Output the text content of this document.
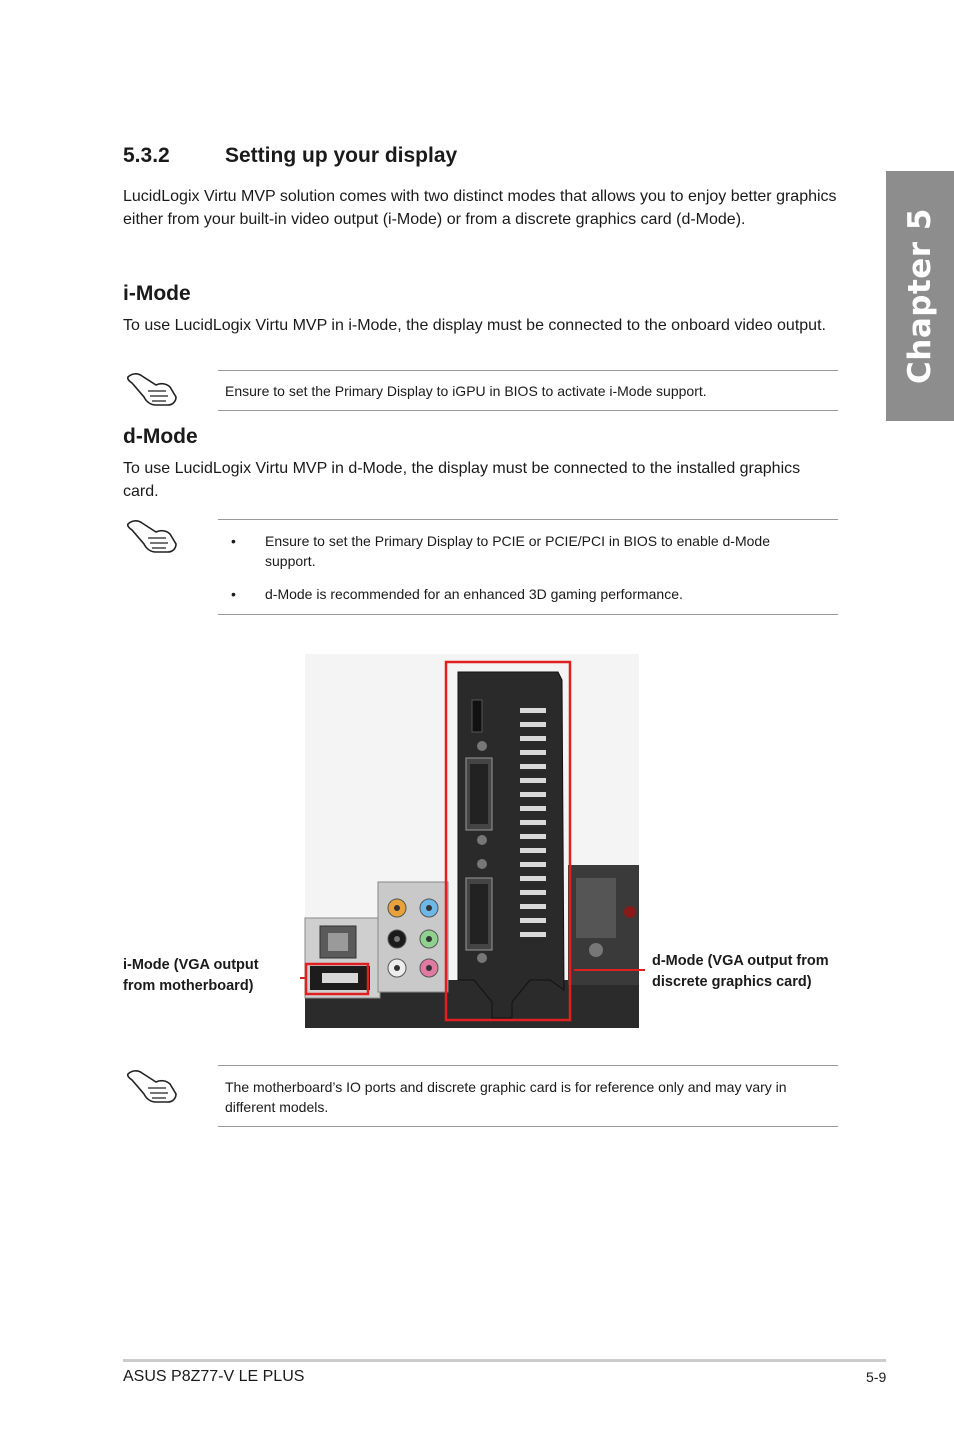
5.3.2	Setting up your display
LucidLogix Virtu MVP solution comes with two distinct modes that allows you to enjoy better graphics either from your built-in video output (i-Mode) or from a discrete graphics card (d-Mode).
i-Mode
To use LucidLogix Virtu MVP in i-Mode, the display must be connected to the onboard video output.
Ensure to set the Primary Display to iGPU in BIOS to activate i-Mode support.
d-Mode
To use LucidLogix Virtu MVP in d-Mode, the display must be connected to the installed graphics card.
• Ensure to set the Primary Display to PCIE or PCIE/PCI in BIOS to enable d-Mode support.
• d-Mode is recommended for an enhanced 3D gaming performance.
i-Mode (VGA output
from motherboard)
d-Mode (VGA output from
discrete graphics card)
The motherboard’s IO ports and discrete graphic card is for reference only and may vary in different models.
Chapter 5
ASUS P8Z77-V LE PLUS	5-9
